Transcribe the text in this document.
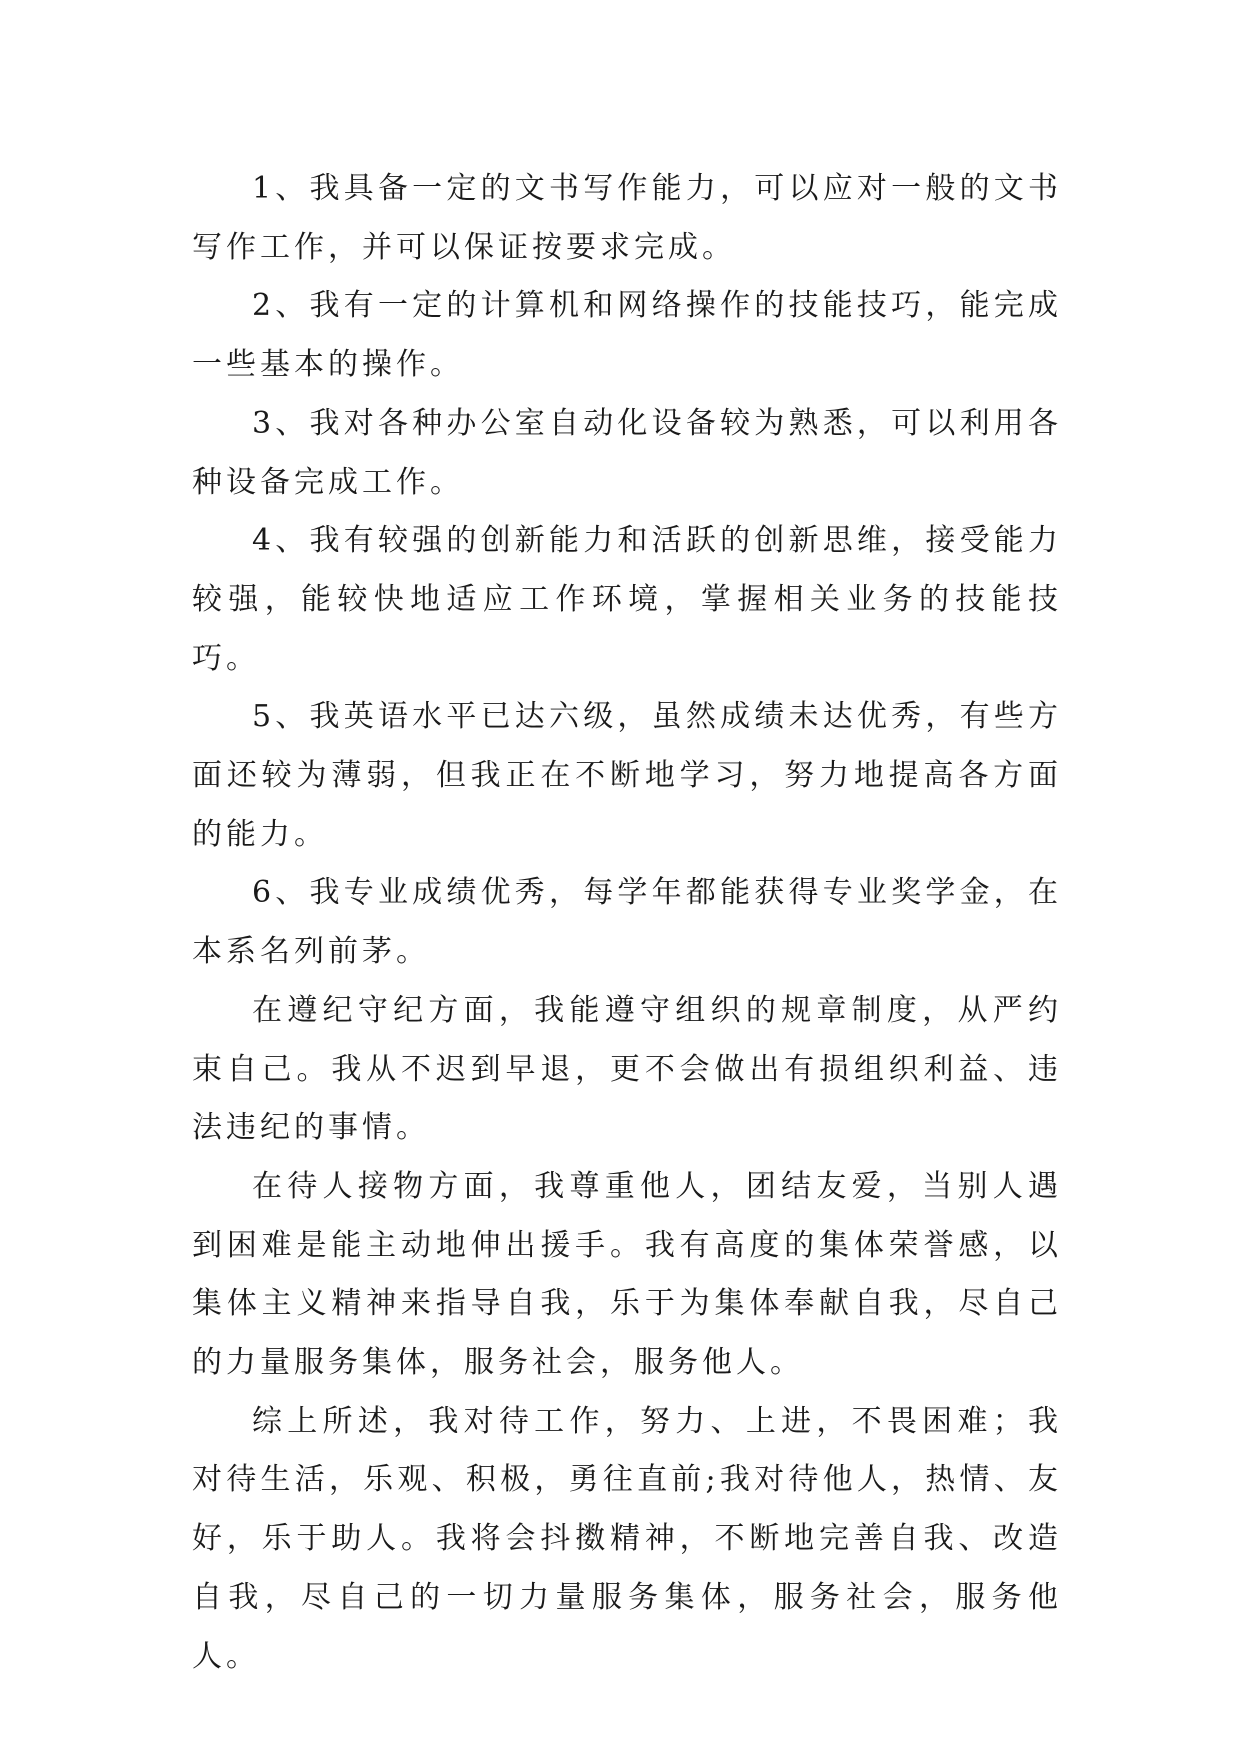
1、我具备一定的文书写作能力，可以应对一般的文书写作工作，并可以保证按要求完成。

2、我有一定的计算机和网络操作的技能技巧，能完成一些基本的操作。

3、我对各种办公室自动化设备较为熟悉，可以利用各种设备完成工作。

4、我有较强的创新能力和活跃的创新思维，接受能力较强，能较快地适应工作环境，掌握相关业务的技能技巧。

5、我英语水平已达六级，虽然成绩未达优秀，有些方面还较为薄弱，但我正在不断地学习，努力地提高各方面的能力。

6、我专业成绩优秀，每学年都能获得专业奖学金，在本系名列前茅。

在遵纪守纪方面，我能遵守组织的规章制度，从严约束自己。我从不迟到早退，更不会做出有损组织利益、违法违纪的事情。

在待人接物方面，我尊重他人，团结友爱，当别人遇到困难是能主动地伸出援手。我有高度的集体荣誉感，以集体主义精神来指导自我，乐于为集体奉献自我，尽自己的力量服务集体，服务社会，服务他人。

综上所述，我对待工作，努力、上进，不畏困难；我对待生活，乐观、积极，勇往直前;我对待他人，热情、友好，乐于助人。我将会抖擞精神，不断地完善自我、改造自我，尽自己的一切力量服务集体，服务社会，服务他人。
